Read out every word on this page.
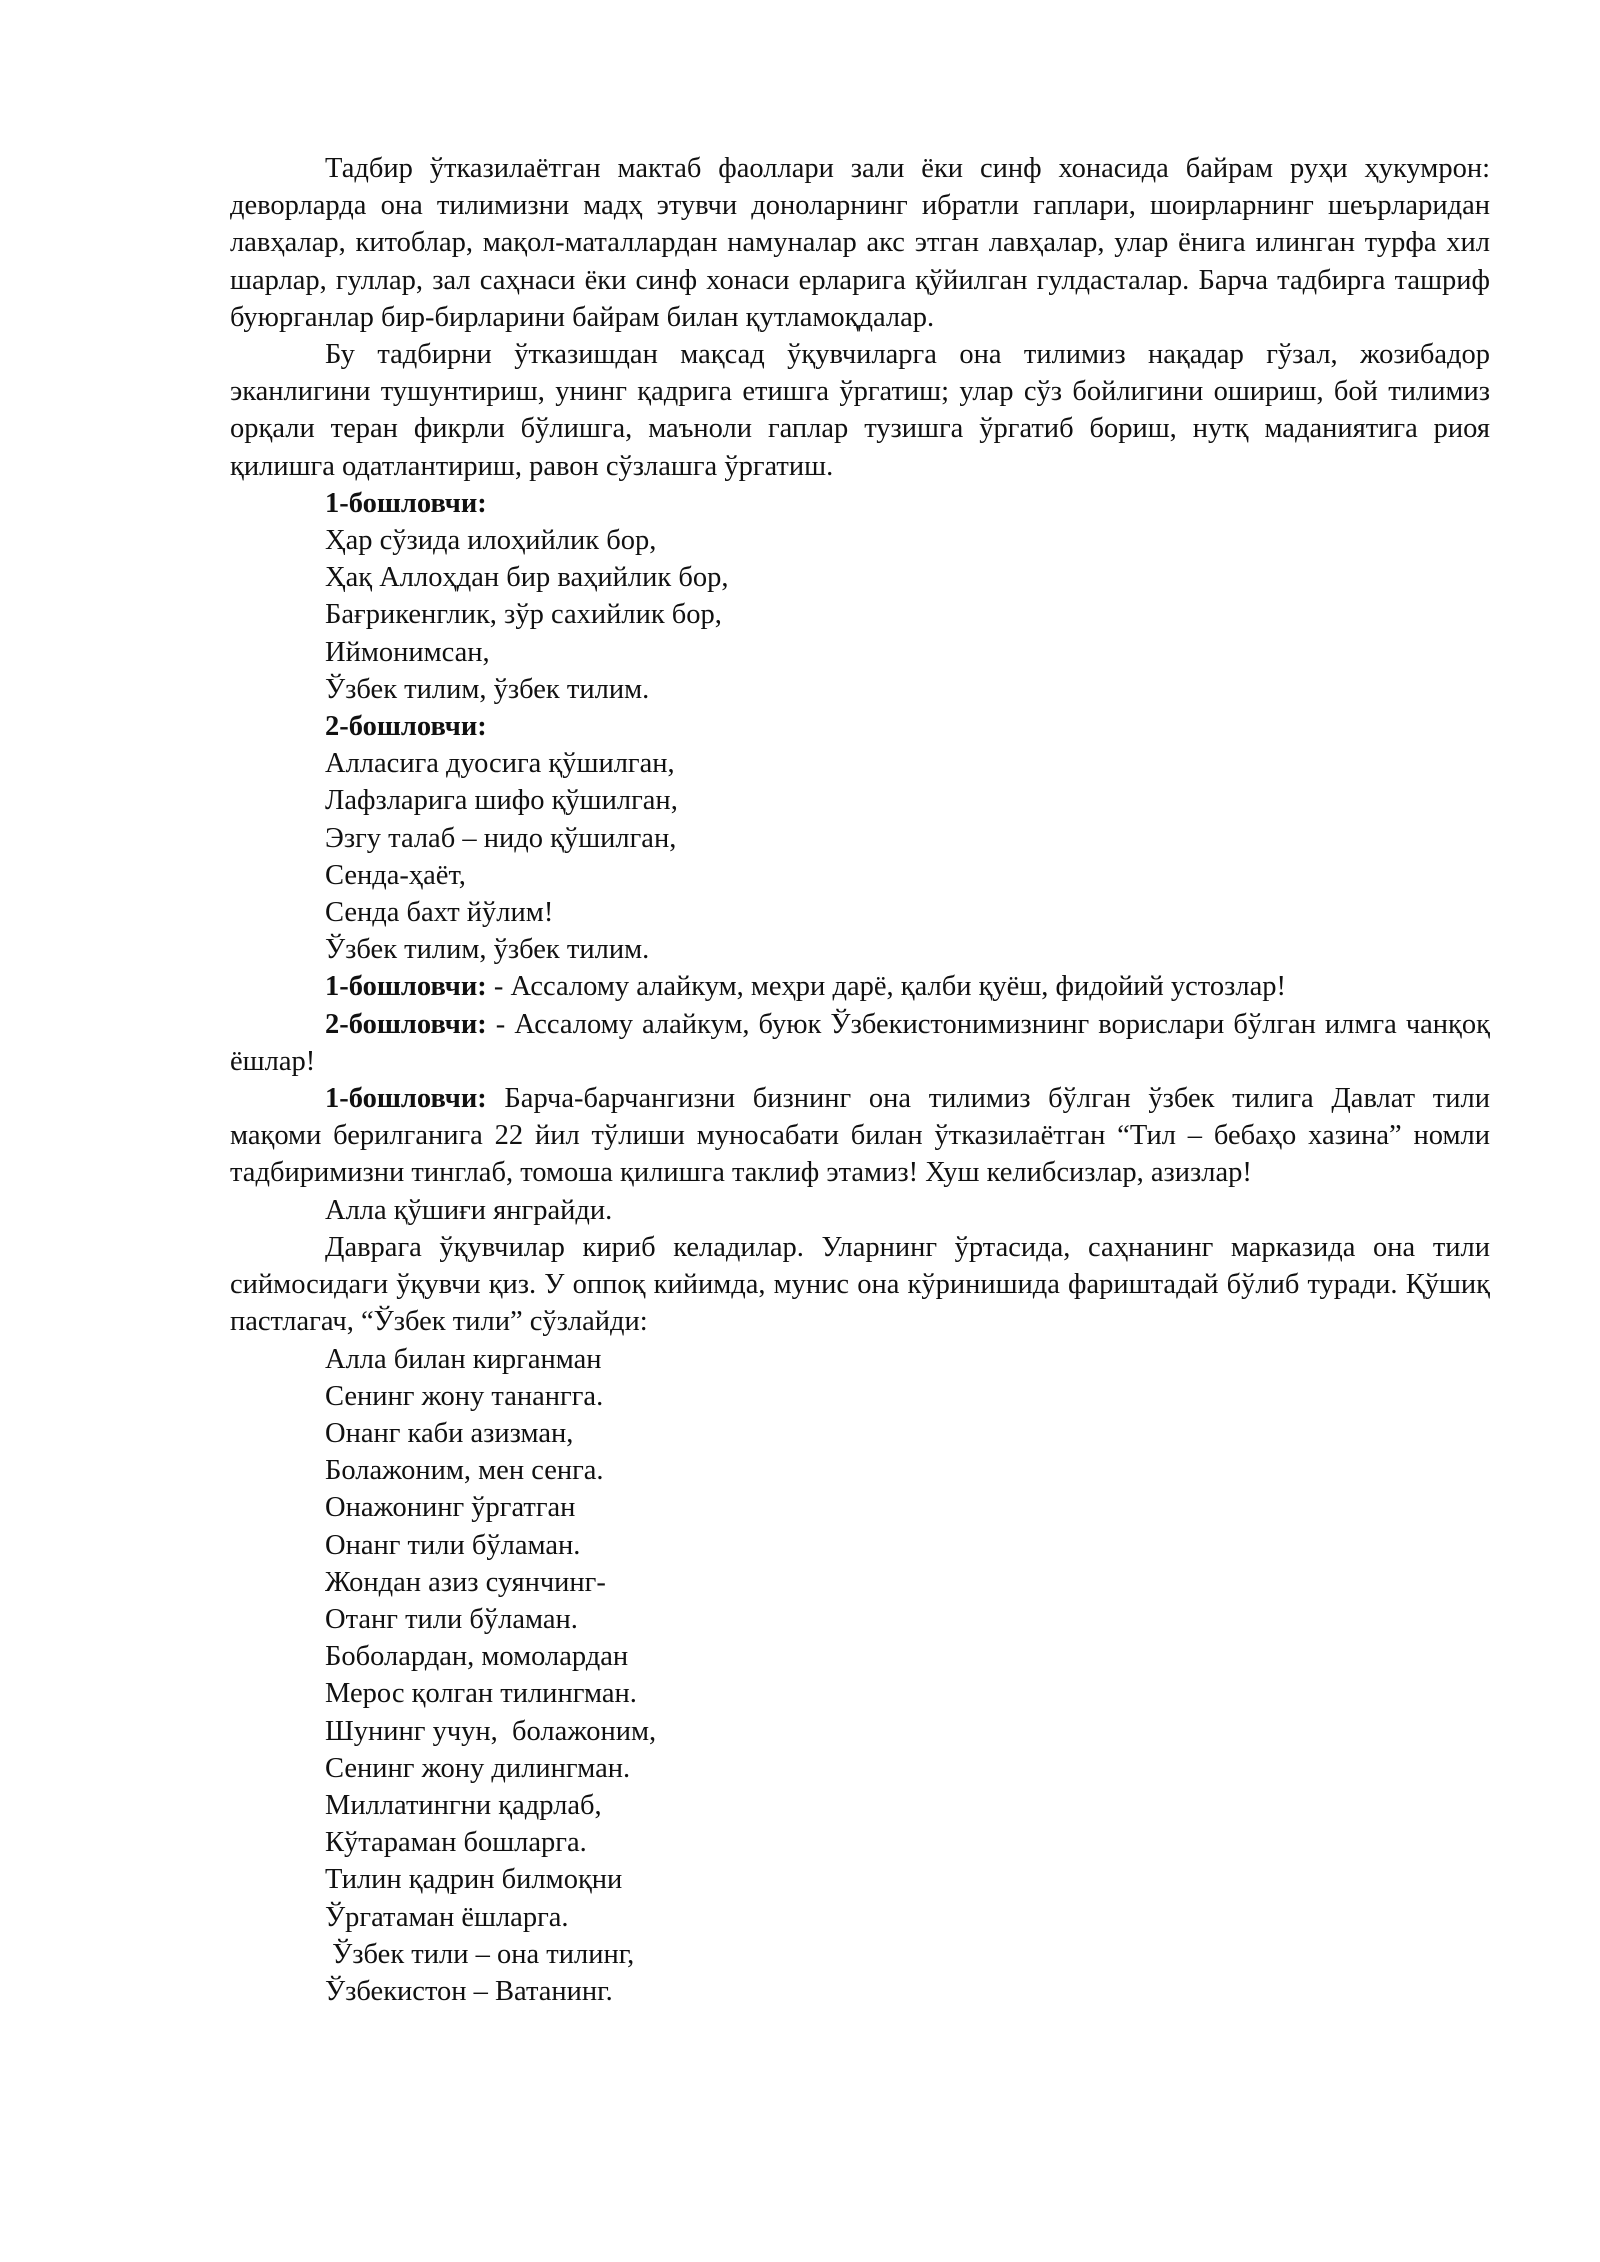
Тадбир ўтказилаётган мактаб фаоллари зали ёки синф хонасида байрам руҳи ҳукумрон: деворларда она тилимизни мадҳ этувчи доноларнинг ибратли гаплари, шоирларнинг шеърларидан лавҳалар, китоблар, мақол-маталлардан намуналар акс этган лавҳалар, улар ёнига илинган турфа хил шарлар, гуллар, зал саҳнаси ёки синф хонаси ерларига қўйилган гулдасталар. Барча тадбирга ташриф буюрганлар бир-бирларини байрам билан қутламоқдалар.

Бу тадбирни ўтказишдан мақсад ўқувчиларга она тилимиз нақадар гўзал, жозибадор эканлигини тушунтириш, унинг қадрига етишга ўргатиш; улар сўз бойлигини ошириш, бой тилимиз орқали теран фикрли бўлишга, маъноли гаплар тузишга ўргатиб бориш, нутқ маданиятига риоя қилишга одатлантириш, равон сўзлашга ўргатиш.

1-бошловчи:

Ҳар сўзида илоҳийлик бор,

Ҳақ Аллоҳдан бир ваҳийлик бор,

Бағрикенглик, зўр сахийлик бор,

Иймонимсан,

Ўзбек тилим, ўзбек тилим.

2-бошловчи:

Алласига дуосига қўшилган,

Лафзларига шифо қўшилган,

Эзгу талаб – нидо қўшилган,

Сенда-ҳаёт,

Сенда бахт йўлим!

Ўзбек тилим, ўзбек тилим.

1-бошловчи: - Ассалому алайкум, меҳри дарё, қалби қуёш, фидойий устозлар!

2-бошловчи: - Ассалому алайкум, буюк Ўзбекистонимизнинг ворислари бўлган илмга чанқоқ ёшлар!

1-бошловчи: Барча-барчангизни бизнинг она тилимиз бўлган ўзбек тилига Давлат тили мақоми берилганига 22 йил тўлиши муносабати билан ўтказилаётган “Тил – бебаҳо хазина” номли тадбиримизни тинглаб, томоша қилишга таклиф этамиз! Хуш келибсизлар, азизлар!

Алла қўшиғи янграйди.

Даврага ўқувчилар кириб келадилар. Уларнинг ўртасида, саҳнанинг марказида она тили сиймосидаги ўқувчи қиз. У оппоқ кийимда, мунис она кўринишида фариштадай бўлиб туради. Қўшиқ пастлагач, “Ўзбек тили” сўзлайди:

Алла билан кирганман

Сенинг жону танангга.

Онанг каби азизман,

Болажоним, мен сенга.

Онажонинг ўргатган

Онанг тили бўламан.

Жондан азиз суянчинг-

Отанг тили бўламан.

Боболардан, момолардан

Мерос қолган тилингман.

Шунинг учун,  болажоним,

Сенинг жону дилингман.

Миллатингни қадрлаб,

Кўтараман бошларга.

Тилин қадрин билмоқни

Ўргатаман ёшларга.

Ўзбек тили – она тилинг,

Ўзбекистон – Ватанинг.
